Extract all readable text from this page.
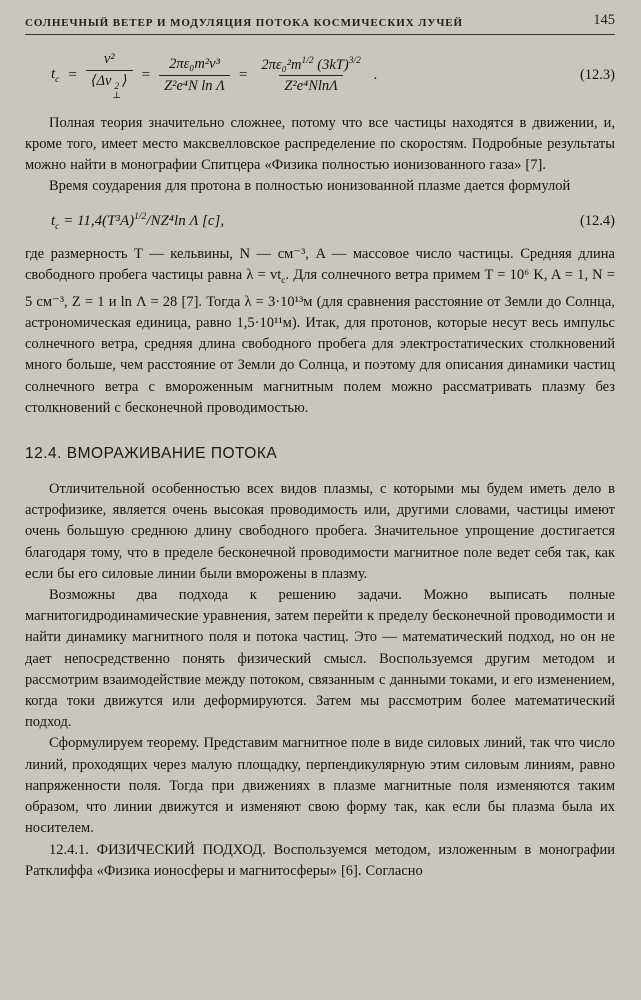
СОЛНЕЧНЫЙ ВЕТЕР И МОДУЛЯЦИЯ ПОТОКА КОСМИЧЕСКИХ ЛУЧЕЙ	145
$t_c = v^2$
⟨Δv 2
⊥
⟩ = $\frac{\text{2πε₀m²v³}}{\text{Z²e⁴N ln Λ}} = \frac{2\pi\varepsilon_0^2m^{1/2} (3kT)^{3/2}}{\text{Z²e⁴NlnΛ}}$ .	(12.3)

Полная теория значительно сложнее, потому что все частицы находятся в движении, и, кроме того, имеет место максвелловское распределение по скоростям. Подробные результаты можно найти в монографии Спитцера «Физика полностью ионизованного газа» [7].

Время соударения для протона в полностью ионизованной плазме дается формулой

$t_c = 11,4(T^3A)^{1/2}/NZ^4\ln$ Λ [с],	(12.4)

где размерность T — кельвины, N — см⁻³, A — массовое число частицы. Средняя длина свободного пробега частицы равна $\lambda = vt_c$. Для солнечного ветра примем T = 10⁶ K, A = 1, N = 5 см⁻³, Z = 1 и ln Λ = 28 [7]. Тогда λ = 3·10¹³м (для сравнения расстояние от Земли до Солнца, астрономическая единица, равно 1,5·10¹¹м). Итак, для протонов, которые несут весь импульс солнечного ветра, средняя длина свободного пробега для электростатических столкновений много больше, чем расстояние от Земли до Солнца, и поэтому для описания динамики частиц солнечного ветра с вмороженным магнитным полем можно рассматривать плазму без столкновений с бесконечной проводимостью.

12.4. ВМОРАЖИВАНИЕ ПОТОКА

Отличительной особенностью всех видов плазмы, с которыми мы будем иметь дело в астрофизике, является очень высокая проводимость или, другими словами, частицы имеют очень большую среднюю длину свободного пробега. Значительное упрощение достигается благодаря тому, что в пределе бесконечной проводимости магнитное поле ведет себя так, как если бы его силовые линии были вморожены в плазму.

Возможны два подхода к решению задачи. Можно выписать полные магнитогидродинамические уравнения, затем перейти к пределу бесконечной проводимости и найти динамику магнитного поля и потока частиц. Это — математический подход, но он не дает непосредственно понять физический смысл. Воспользуемся другим методом и рассмотрим взаимодействие между потоком, связанным с данными токами, и его изменением, когда токи движутся или деформируются. Затем мы рассмотрим более математический подход.

Сформулируем теорему. Представим магнитное поле в виде силовых линий, так что число линий, проходящих через малую площадку, перпендикулярную этим силовым линиям, равно напряженности поля. Тогда при движениях в плазме магнитные поля изменяются таким образом, что линии движутся и изменяют свою форму так, как если бы плазма была их носителем.

12.4.1. ФИЗИЧЕСКИЙ ПОДХОД. Воспользуемся методом, изложенным в монографии Ратклиффа «Физика ионосферы и магнитосферы» [6]. Согласно
